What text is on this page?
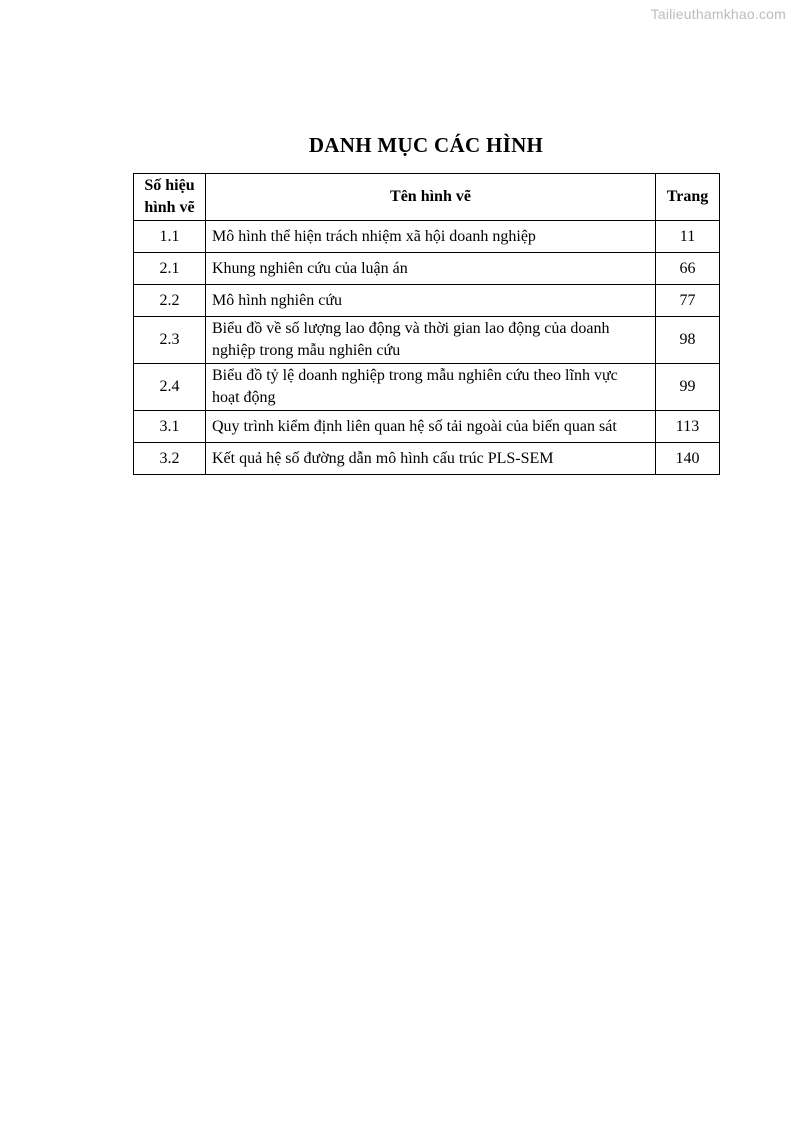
Tailieuthamkhao.com
DANH MỤC CÁC HÌNH
Số hiệu hình vẽ	Tên hình vẽ	Trang
1.1	Mô hình thể hiện trách nhiệm xã hội doanh nghiệp	11
2.1	Khung nghiên cứu của luận án	66
2.2	Mô hình nghiên cứu	77
2.3	Biểu đồ về số lượng lao động và thời gian lao động của doanh nghiệp trong mẫu nghiên cứu	98
2.4	Biểu đồ tỷ lệ doanh nghiệp trong mẫu nghiên cứu theo lĩnh vực hoạt động	99
3.1	Quy trình kiểm định liên quan hệ số tải ngoài của biến quan sát	113
3.2	Kết quả hệ số đường dẫn mô hình cấu trúc PLS-SEM	140
